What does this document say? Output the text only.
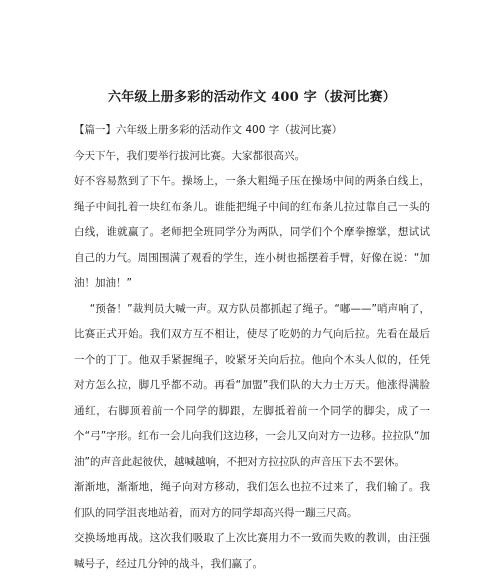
六年级上册多彩的活动作文 400 字（拔河比赛）

【篇一】六年级上册多彩的活动作文 400 字（拔河比赛）

今天下午，我们要举行拔河比赛。大家都很高兴。

好不容易熬到了下午。操场上，一条大粗绳子压在操场中间的两条白线上，绳子中间扎着一块红布条儿。谁能把绳子中间的红布条儿拉过靠自己一头的白线，谁就赢了。老师把全班同学分为两队，同学们个个摩拳擦掌，想试试自己的力气。周围围满了观看的学生，连小树也摇摆着手臂，好像在说：“加油！加油！”

“预备！”裁判员大喊一声。双方队员都抓起了绳子。“嘟——”哨声响了，比赛正式开始。我们双方互不相让，使尽了吃奶的力气向后拉。先看在最后一个的丁丁。他双手紧握绳子，咬紧牙关向后拉。他向个木头人似的，任凭对方怎么拉，脚几乎都不动。再看“加盟”我们队的大力士万天。他涨得满脸通红，右脚顶着前一个同学的脚跟，左脚抵着前一个同学的脚尖，成了一个“弓”字形。红布一会儿向我们这边移，一会儿又向对方一边移。拉拉队“加油”的声音此起彼伏，越喊越响，不把对方拉拉队的声音压下去不罢休。

渐渐地，渐渐地，绳子向对方移动，我们怎么也拉不过来了，我们输了。我们队的同学沮丧地站着，而对方的同学却高兴得一蹦三尺高。

交换场地再战。这次我们吸取了上次比赛用力不一致而失败的教训，由汪强喊号子，经过几分钟的战斗，我们赢了。
